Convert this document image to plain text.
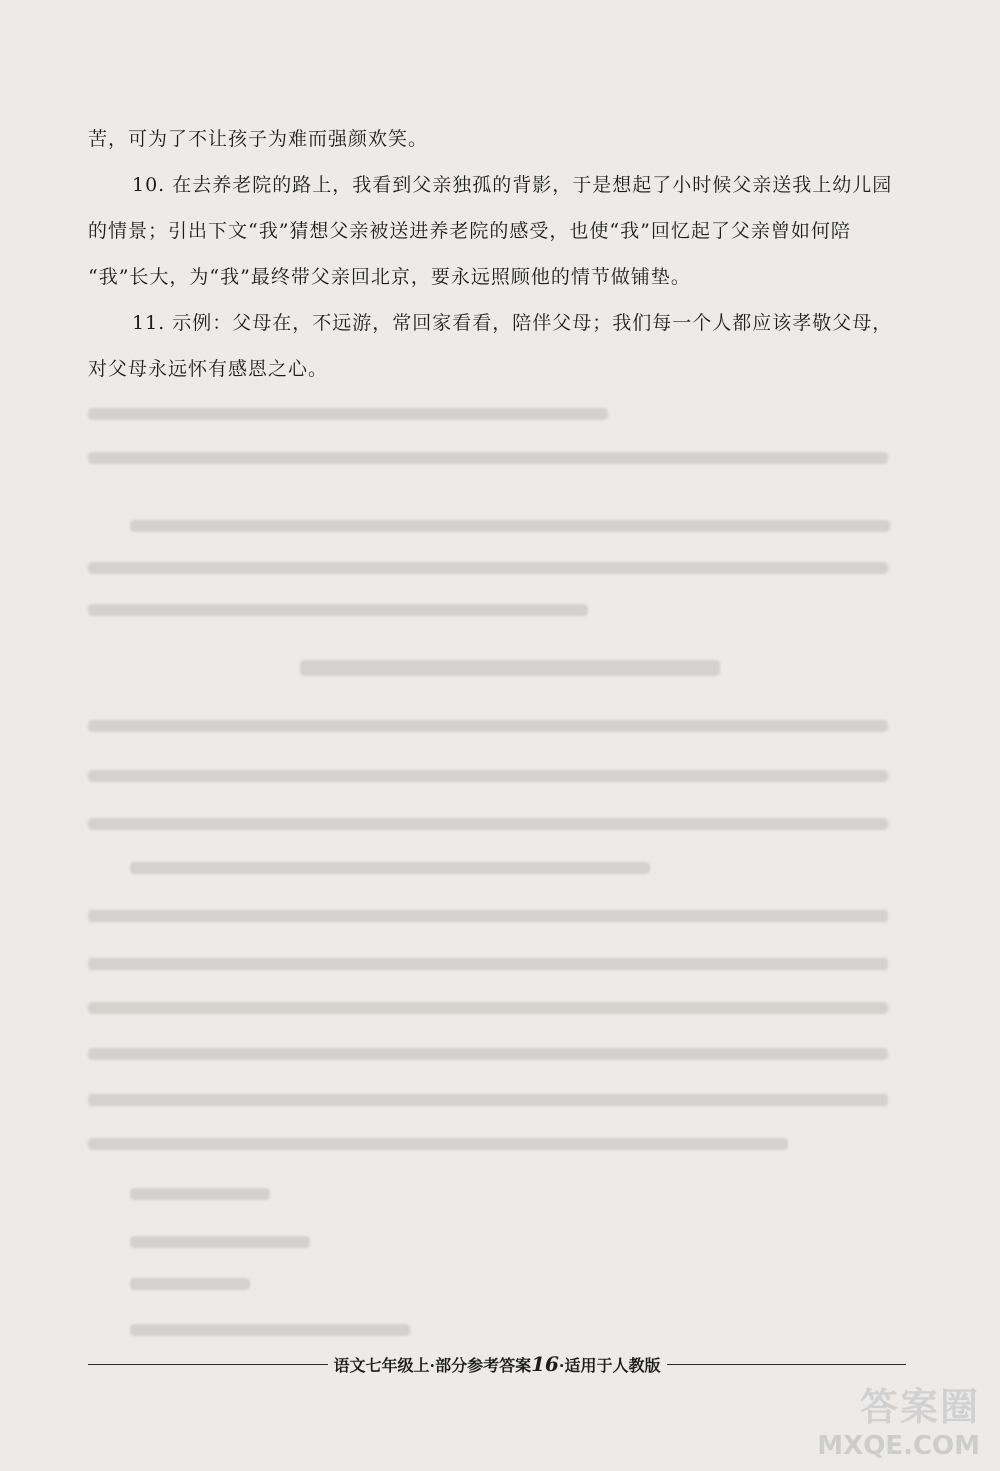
苦，可为了不让孩子为难而强颜欢笑。
10. 在去养老院的路上，我看到父亲独孤的背影，于是想起了小时候父亲送我上幼儿园
的情景；引出下文“我”猜想父亲被送进养老院的感受，也使“我”回忆起了父亲曾如何陪
“我”长大，为“我”最终带父亲回北京，要永远照顾他的情节做铺垫。
11. 示例：父母在，不远游，常回家看看，陪伴父母；我们每一个人都应该孝敬父母，
对父母永远怀有感恩之心。
语文七年级上·部分参考答案16·适用于人教版
答案圈
MXQE.COM
